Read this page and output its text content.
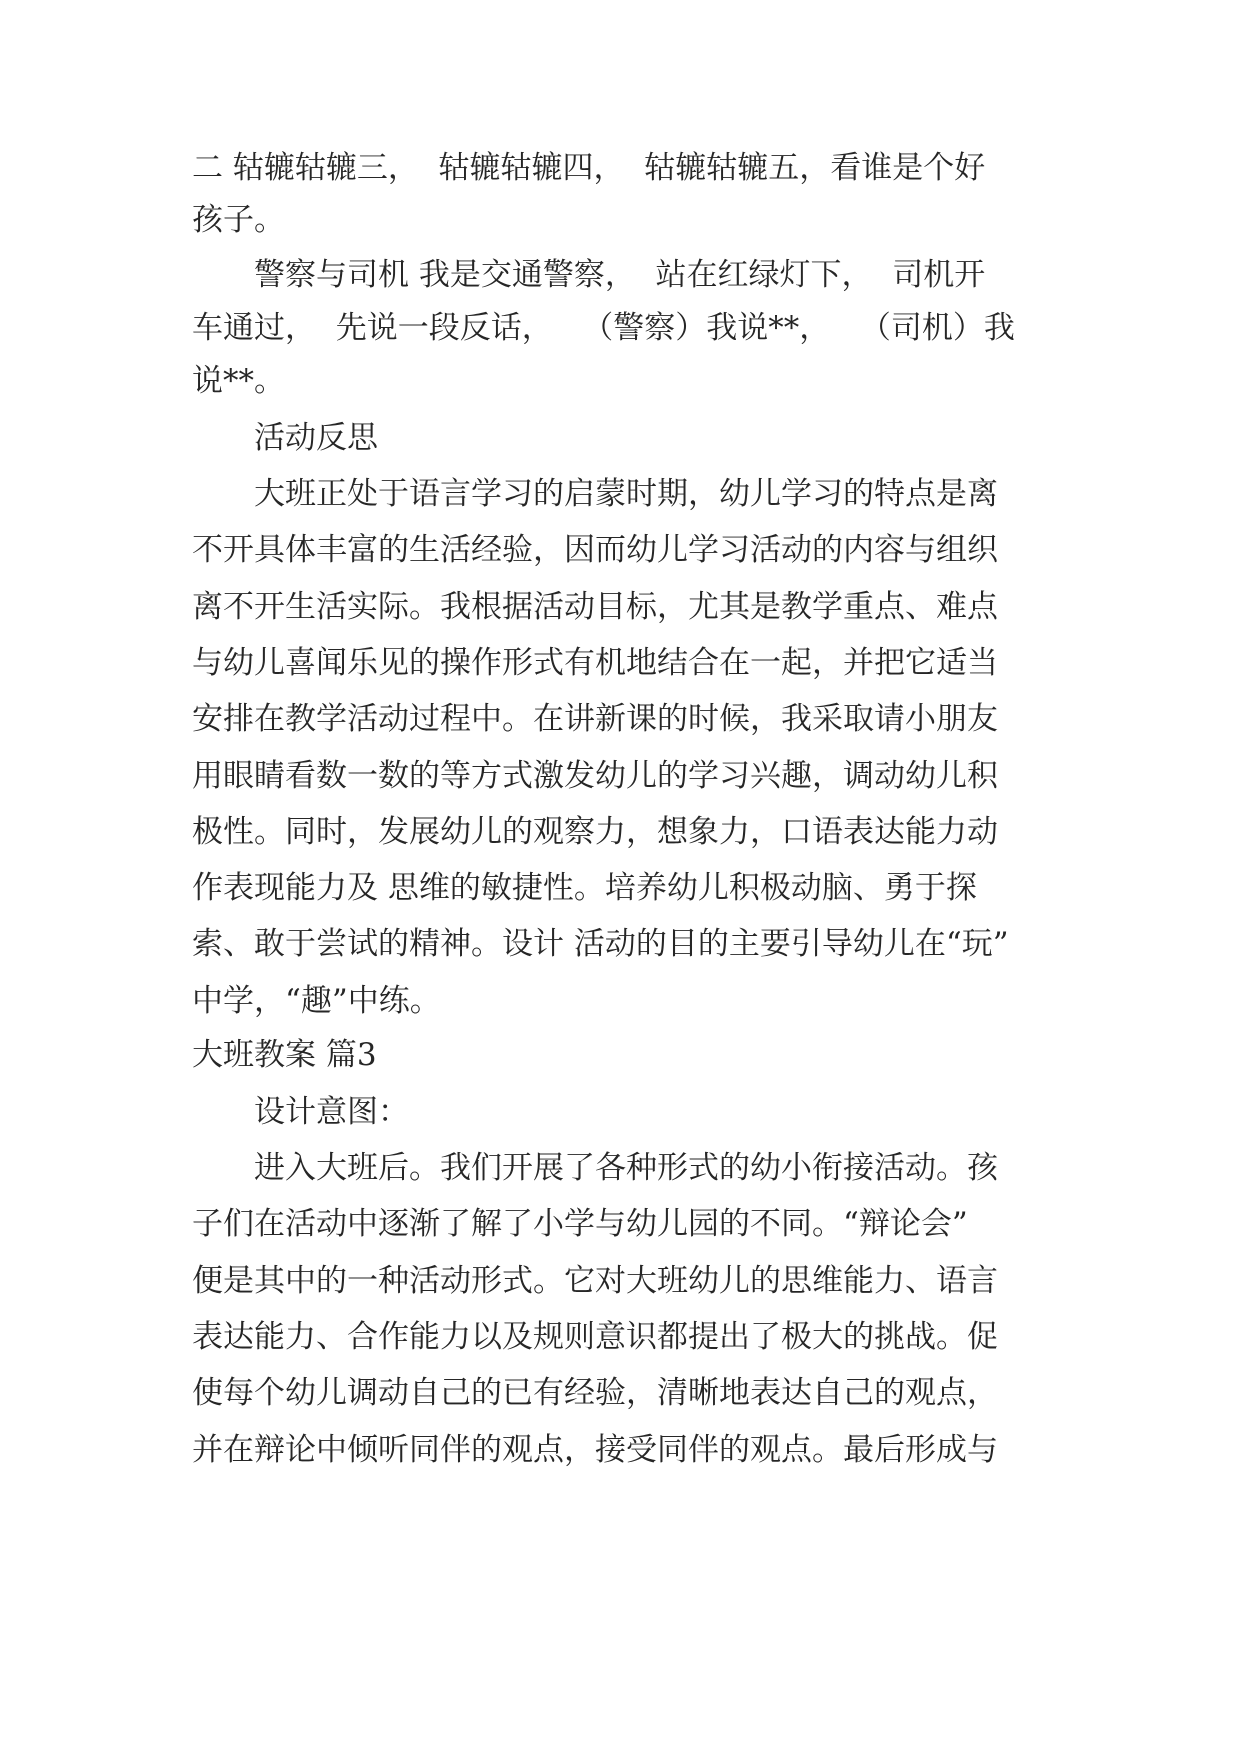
二 轱辘轱辘三，  轱辘轱辘四，  轱辘轱辘五，看谁是个好
孩子。
警察与司机 我是交通警察，  站在红绿灯下，  司机开
车通过，  先说一段反话，   （警察）我说**，   （司机）我
说**。
活动反思
大班正处于语言学习的启蒙时期，幼儿学习的特点是离
不开具体丰富的生活经验，因而幼儿学习活动的内容与组织
离不开生活实际。我根据活动目标，尤其是教学重点、难点
与幼儿喜闻乐见的操作形式有机地结合在一起，并把它适当
安排在教学活动过程中。在讲新课的时候，我采取请小朋友
用眼睛看数一数的等方式激发幼儿的学习兴趣，调动幼儿积
极性。同时，发展幼儿的观察力，想象力，口语表达能力动
作表现能力及 思维的敏捷性。培养幼儿积极动脑、勇于探
索、敢于尝试的精神。设计 活动的目的主要引导幼儿在“玩”
中学，“趣”中练。
大班教案 篇3
设计意图：
进入大班后。我们开展了各种形式的幼小衔接活动。孩
子们在活动中逐渐了解了小学与幼儿园的不同。“辩论会”
便是其中的一种活动形式。它对大班幼儿的思维能力、语言
表达能力、合作能力以及规则意识都提出了极大的挑战。促
使每个幼儿调动自己的已有经验，清晰地表达自己的观点，
并在辩论中倾听同伴的观点，接受同伴的观点。最后形成与
